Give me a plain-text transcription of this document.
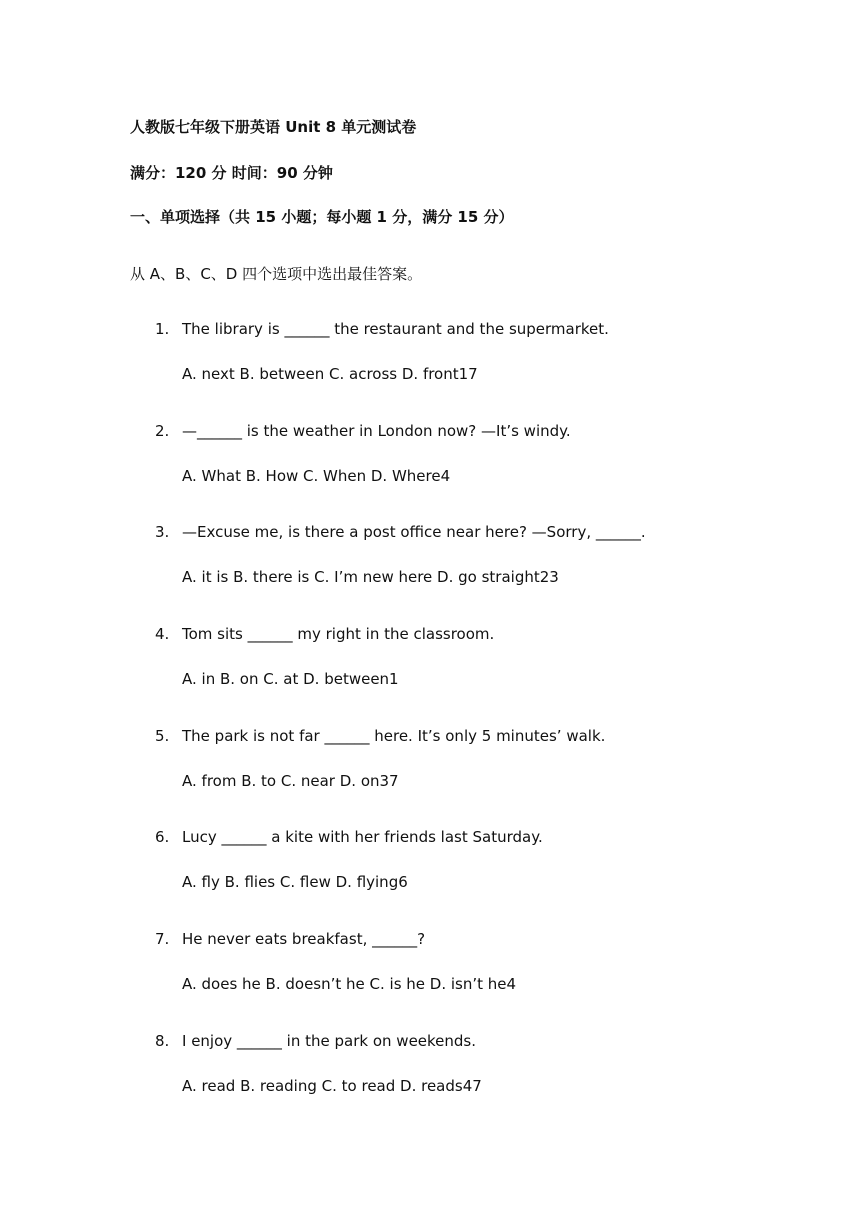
人教版七年级下册英语 Unit 8 单元测试卷
满分：120 分 时间：90 分钟
一、单项选择（共 15 小题；每小题 1 分，满分 15 分）
从 A、B、C、D 四个选项中选出最佳答案。
1. The library is ______ the restaurant and the supermarket.
A. next B. between C. across D. front17
2. —______ is the weather in London now? —It’s windy.
A. What B. How C. When D. Where4
3. —Excuse me, is there a post office near here? —Sorry, ______.
A. it is B. there is C. I’m new here D. go straight23
4. Tom sits ______ my right in the classroom.
A. in B. on C. at D. between1
5. The park is not far ______ here. It’s only 5 minutes’ walk.
A. from B. to C. near D. on37
6. Lucy ______ a kite with her friends last Saturday.
A. fly B. flies C. flew D. flying6
7. He never eats breakfast, ______?
A. does he B. doesn’t he C. is he D. isn’t he4
8. I enjoy ______ in the park on weekends.
A. read B. reading C. to read D. reads47
